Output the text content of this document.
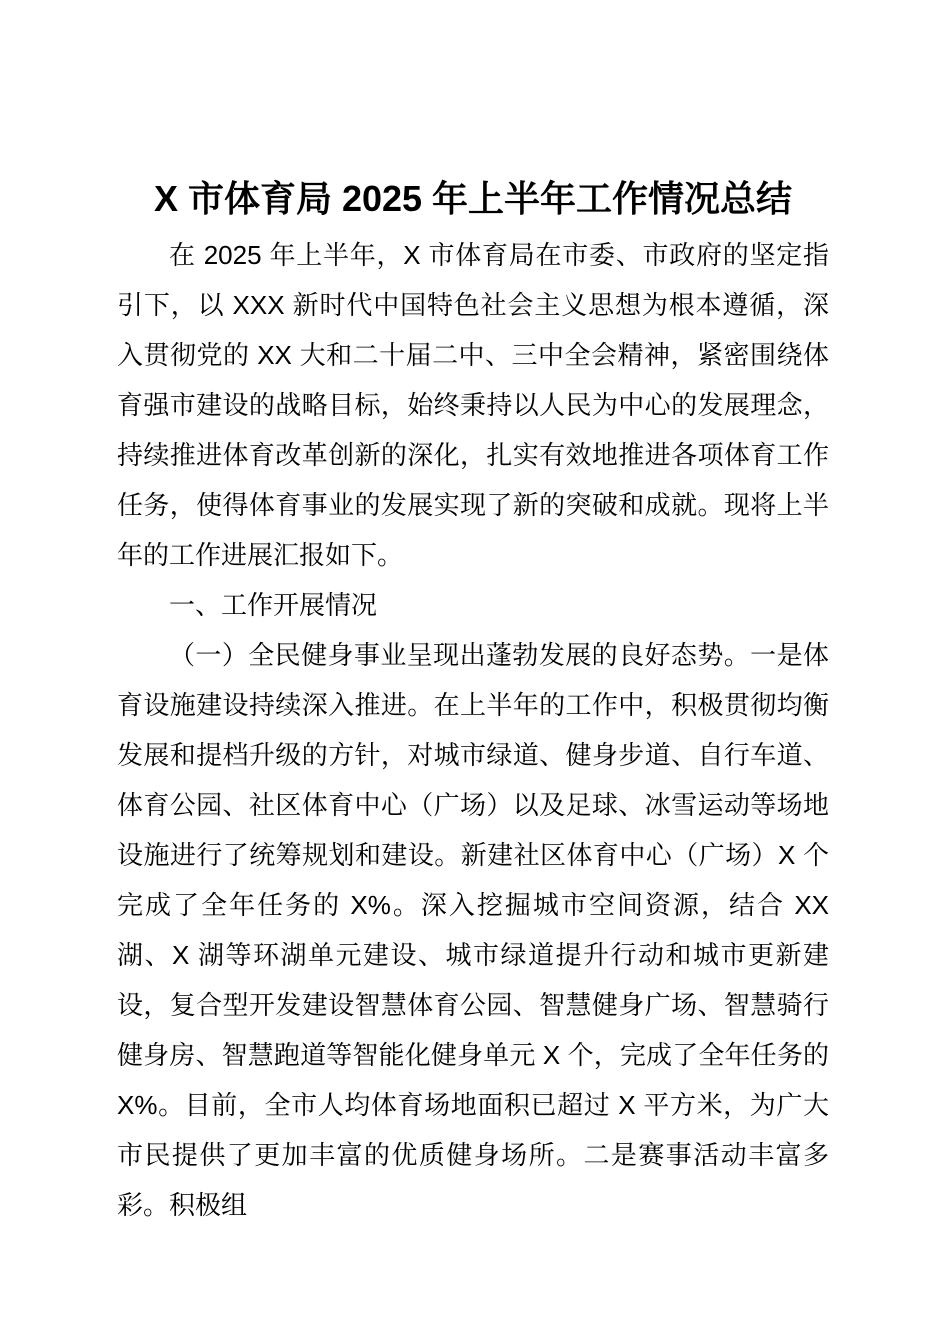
X 市体育局 2025 年上半年工作情况总结

在 2025 年上半年，X 市体育局在市委、市政府的坚定指引下，以 XXX 新时代中国特色社会主义思想为根本遵循，深入贯彻党的 XX 大和二十届二中、三中全会精神，紧密围绕体育强市建设的战略目标，始终秉持以人民为中心的发展理念，持续推进体育改革创新的深化，扎实有效地推进各项体育工作任务，使得体育事业的发展实现了新的突破和成就。现将上半年的工作进展汇报如下。

一、工作开展情况

（一）全民健身事业呈现出蓬勃发展的良好态势。一是体育设施建设持续深入推进。在上半年的工作中，积极贯彻均衡发展和提档升级的方针，对城市绿道、健身步道、自行车道、体育公园、社区体育中心（广场）以及足球、冰雪运动等场地设施进行了统筹规划和建设。新建社区体育中心（广场）X 个完成了全年任务的 X%。深入挖掘城市空间资源，结合 XX 湖、X 湖等环湖单元建设、城市绿道提升行动和城市更新建设，复合型开发建设智慧体育公园、智慧健身广场、智慧骑行健身房、智慧跑道等智能化健身单元 X 个，完成了全年任务的 X%。目前，全市人均体育场地面积已超过 X 平方米，为广大市民提供了更加丰富的优质健身场所。二是赛事活动丰富多彩。积极组
